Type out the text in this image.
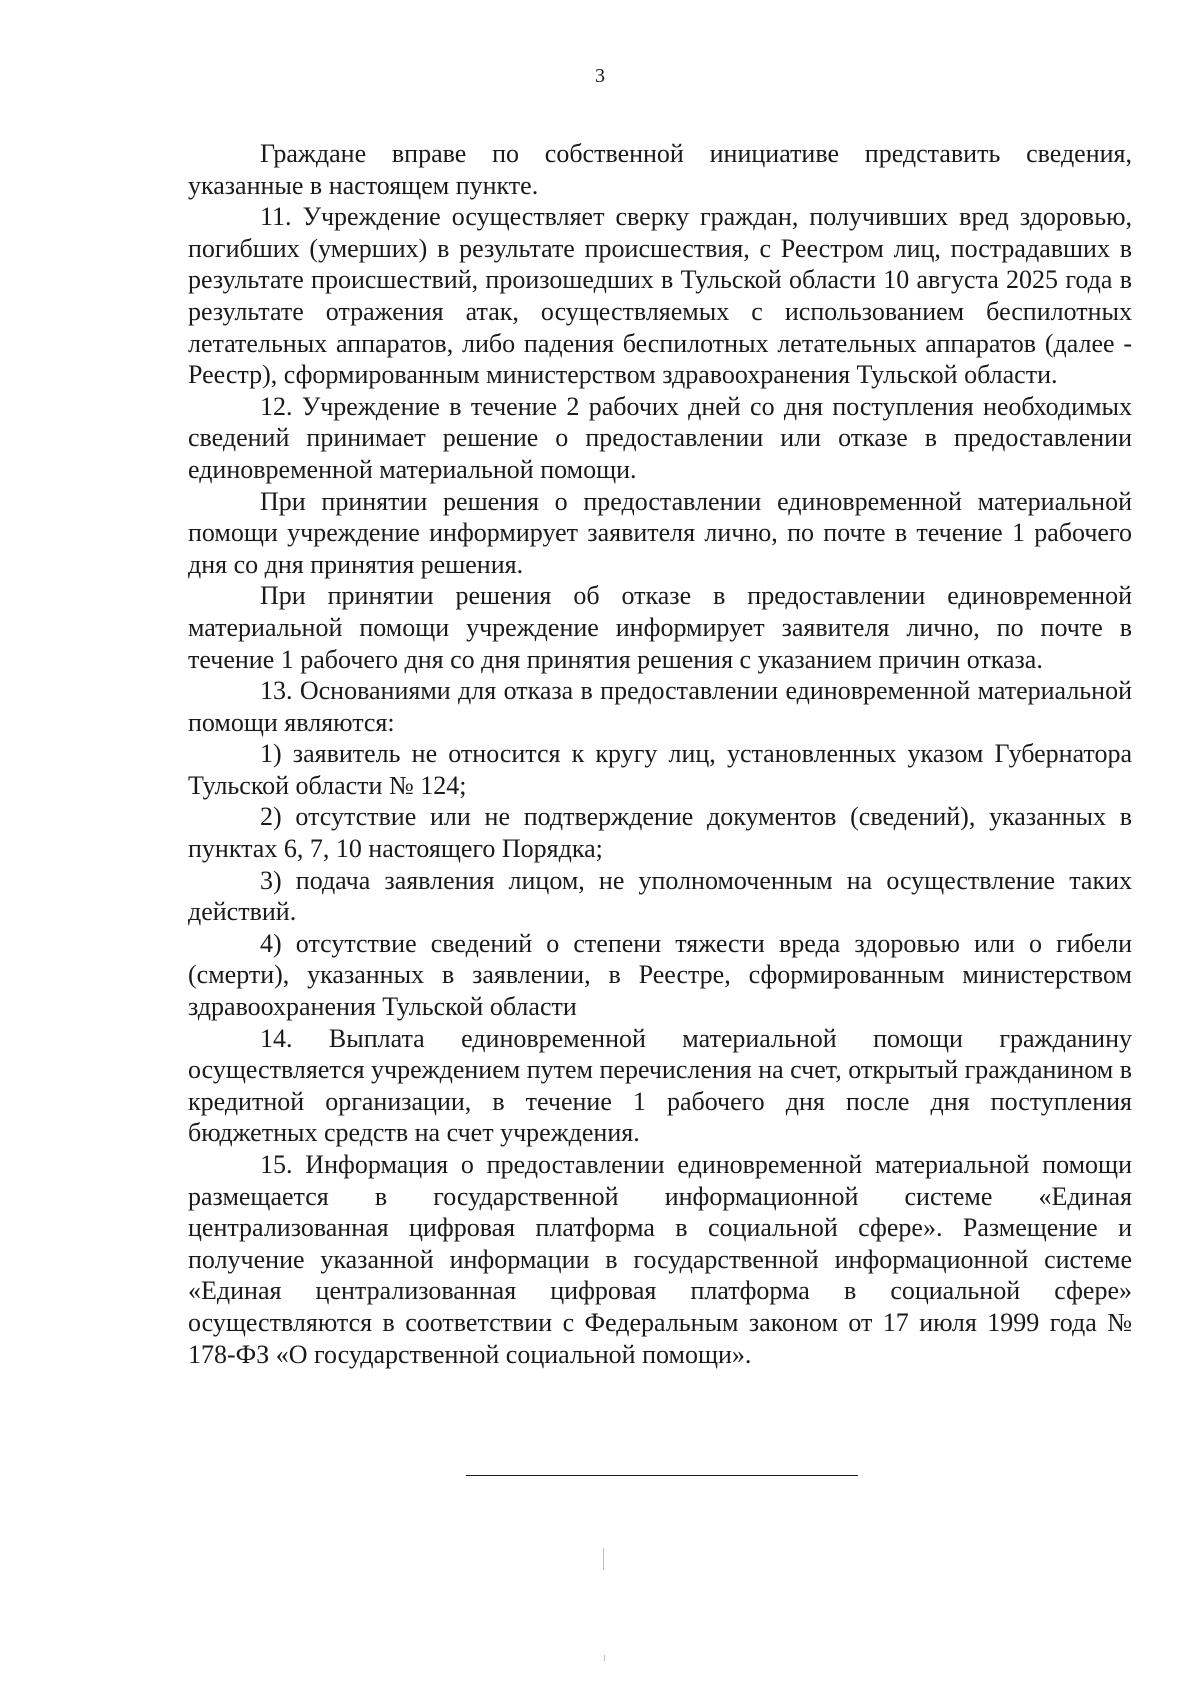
3

Граждане вправе по собственной инициативе представить сведения, указанные в настоящем пункте.

11. Учреждение осуществляет сверку граждан, получивших вред здоровью, погибших (умерших) в результате происшествия, с Реестром лиц, пострадавших в результате происшествий, произошедших в Тульской области 10 августа 2025 года в результате отражения атак, осуществляемых с использованием беспилотных летательных аппаратов, либо падения беспилотных летательных аппаратов (далее - Реестр), сформированным министерством здравоохранения Тульской области.

12. Учреждение в течение 2 рабочих дней со дня поступления необходимых сведений принимает решение о предоставлении или отказе в предоставлении единовременной материальной помощи.

При принятии решения о предоставлении единовременной материальной помощи учреждение информирует заявителя лично, по почте в течение 1 рабочего дня со дня принятия решения.

При принятии решения об отказе в предоставлении единовременной материальной помощи учреждение информирует заявителя лично, по почте в течение 1 рабочего дня со дня принятия решения с указанием причин отказа.

13. Основаниями для отказа в предоставлении единовременной материальной помощи являются:

1) заявитель не относится к кругу лиц, установленных указом Губернатора Тульской области № 124;

2) отсутствие или не подтверждение документов (сведений), указанных в пунктах 6, 7, 10 настоящего Порядка;

3) подача заявления лицом, не уполномоченным на осуществление таких действий.

4) отсутствие сведений о степени тяжести вреда здоровью или о гибели (смерти), указанных в заявлении, в Реестре, сформированным министерством здравоохранения Тульской области

14. Выплата единовременной материальной помощи гражданину осуществляется учреждением путем перечисления на счет, открытый гражданином в кредитной организации, в течение 1 рабочего дня после дня поступления бюджетных средств на счет учреждения.

15. Информация о предоставлении единовременной материальной помощи размещается в государственной информационной системе «Единая централизованная цифровая платформа в социальной сфере». Размещение и получение указанной информации в государственной информационной системе «Единая централизованная цифровая платформа в социальной сфере» осуществляются в соответствии с Федеральным законом от 17 июля 1999 года № 178-ФЗ «О государственной социальной помощи».
